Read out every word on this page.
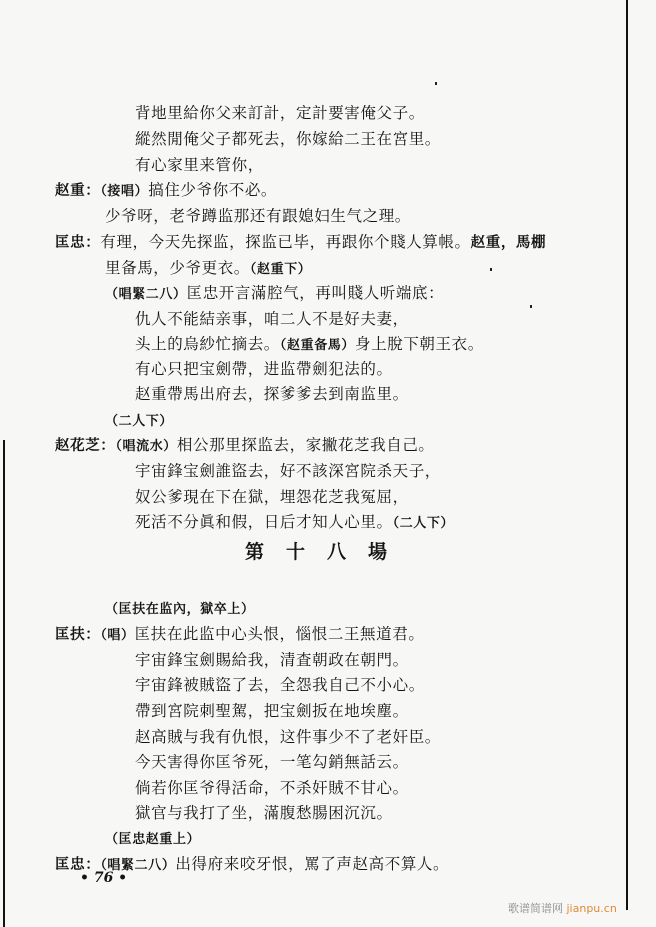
背地里給你父来訂計，定計要害俺父子。
縱然閒俺父子都死去，你嫁給二王在宮里。
有心家里来管你，
赵重：（接唱）搞住少爷你不必。
少爷呀，老爷蹲监那还有跟媳妇生气之理。
匡忠：有理，今天先探监，探监已毕，再跟你个賤人算帳。赵重，馬棚
里备馬，少爷更衣。（赵重下）
（唱緊二八）匡忠开言滿腔气，再叫賤人听端底：
仇人不能結亲事，咱二人不是好夫妻，
头上的烏紗忙摘去。（赵重备馬）身上脫下朝王衣。
有心只把宝劍帶，进监帶劍犯法的。
赵重帶馬出府去，探爹爹去到南监里。
（二人下）
赵花芝：（唱流水）相公那里探监去，家撇花芝我自己。
宇宙鋒宝劍誰盜去，好不該深宮院杀天子，
奴公爹現在下在獄，埋怨花芝我冤屈，
死活不分眞和假，日后才知人心里。（二人下）
第十八場
（匡扶在监內，獄卒上）
匡扶：（唱）匡扶在此监中心头恨，惱恨二王無道君。
宇宙鋒宝劍賜給我，清査朝政在朝門。
宇宙鋒被賊盜了去，全怨我自己不小心。
帶到宮院刺聖駕，把宝劍扳在地埃塵。
赵高賊与我有仇恨，这件事少不了老奸臣。
今天害得你匡爷死，一笔勾銷無話云。
倘若你匡爷得活命，不杀奸賊不甘心。
獄官与我打了坐，滿腹愁腸困沉沉。
（匡忠赵重上）
匡忠：（唱緊二八）出得府来咬牙恨，罵了声赵高不算人。
• 76 •
歌谱简谱网 jianpu.cn
